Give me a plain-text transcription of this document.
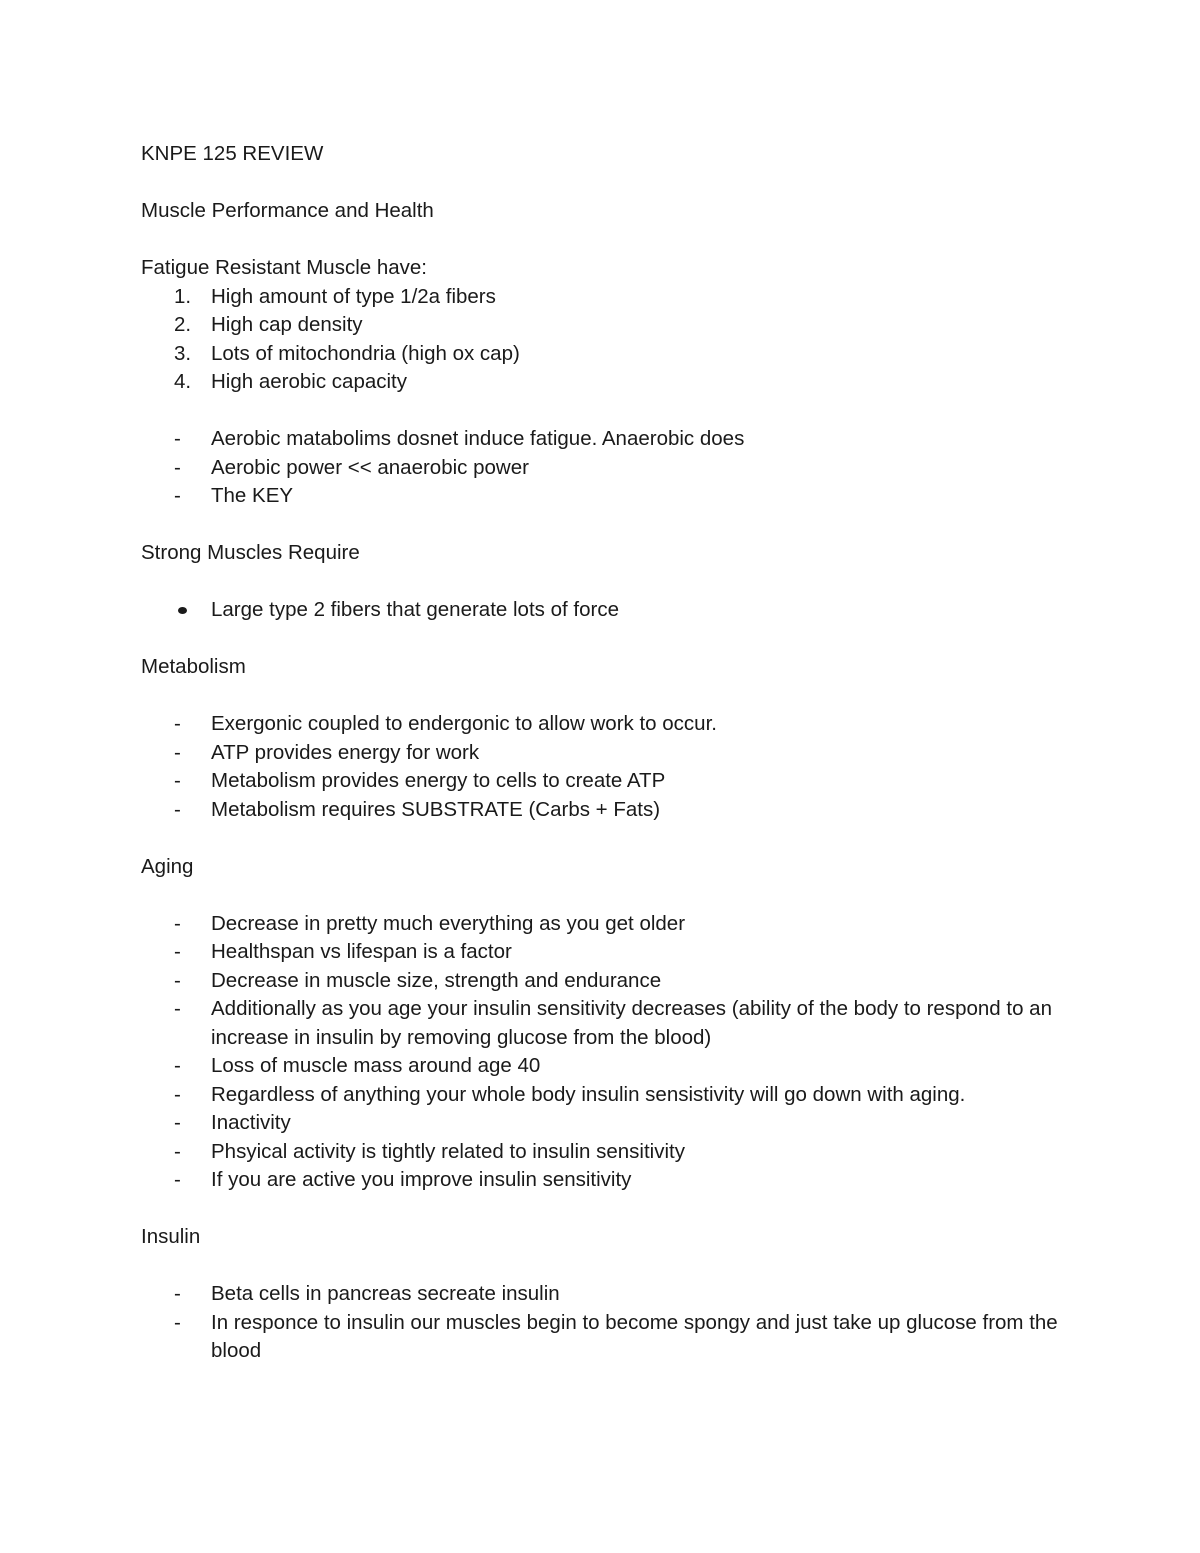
KNPE 125 REVIEW

Muscle Performance and Health

Fatigue Resistant Muscle have:

1. High amount of type 1/2a fibers
2. High cap density
3. Lots of mitochondria (high ox cap)
4. High aerobic capacity
-	Aerobic matabolims dosnet induce fatigue. Anaerobic does
-	Aerobic power << anaerobic power
-	The KEY

Strong Muscles Require

Large type 2 fibers that generate lots of force

Metabolism

-	Exergonic coupled to endergonic to allow work to occur.
-	ATP provides energy for work
-	Metabolism provides energy to cells to create ATP
-	Metabolism requires SUBSTRATE (Carbs + Fats)

Aging

-	Decrease in pretty much everything as you get older
-	Healthspan vs lifespan is a factor
-	Decrease in muscle size, strength and endurance
-	Additionally as you age your insulin sensitivity decreases (ability of the body to respond to an increase in insulin by removing glucose from the blood)
-	Loss of muscle mass around age 40
-	Regardless of anything your whole body insulin sensistivity will go down with aging.
-	Inactivity
-	Phsyical activity is tightly related to insulin sensitivity
-	If you are active you improve insulin sensitivity

Insulin

-	Beta cells in pancreas secreate insulin
-	In responce to insulin our muscles begin to become spongy and just take up glucose from the blood
